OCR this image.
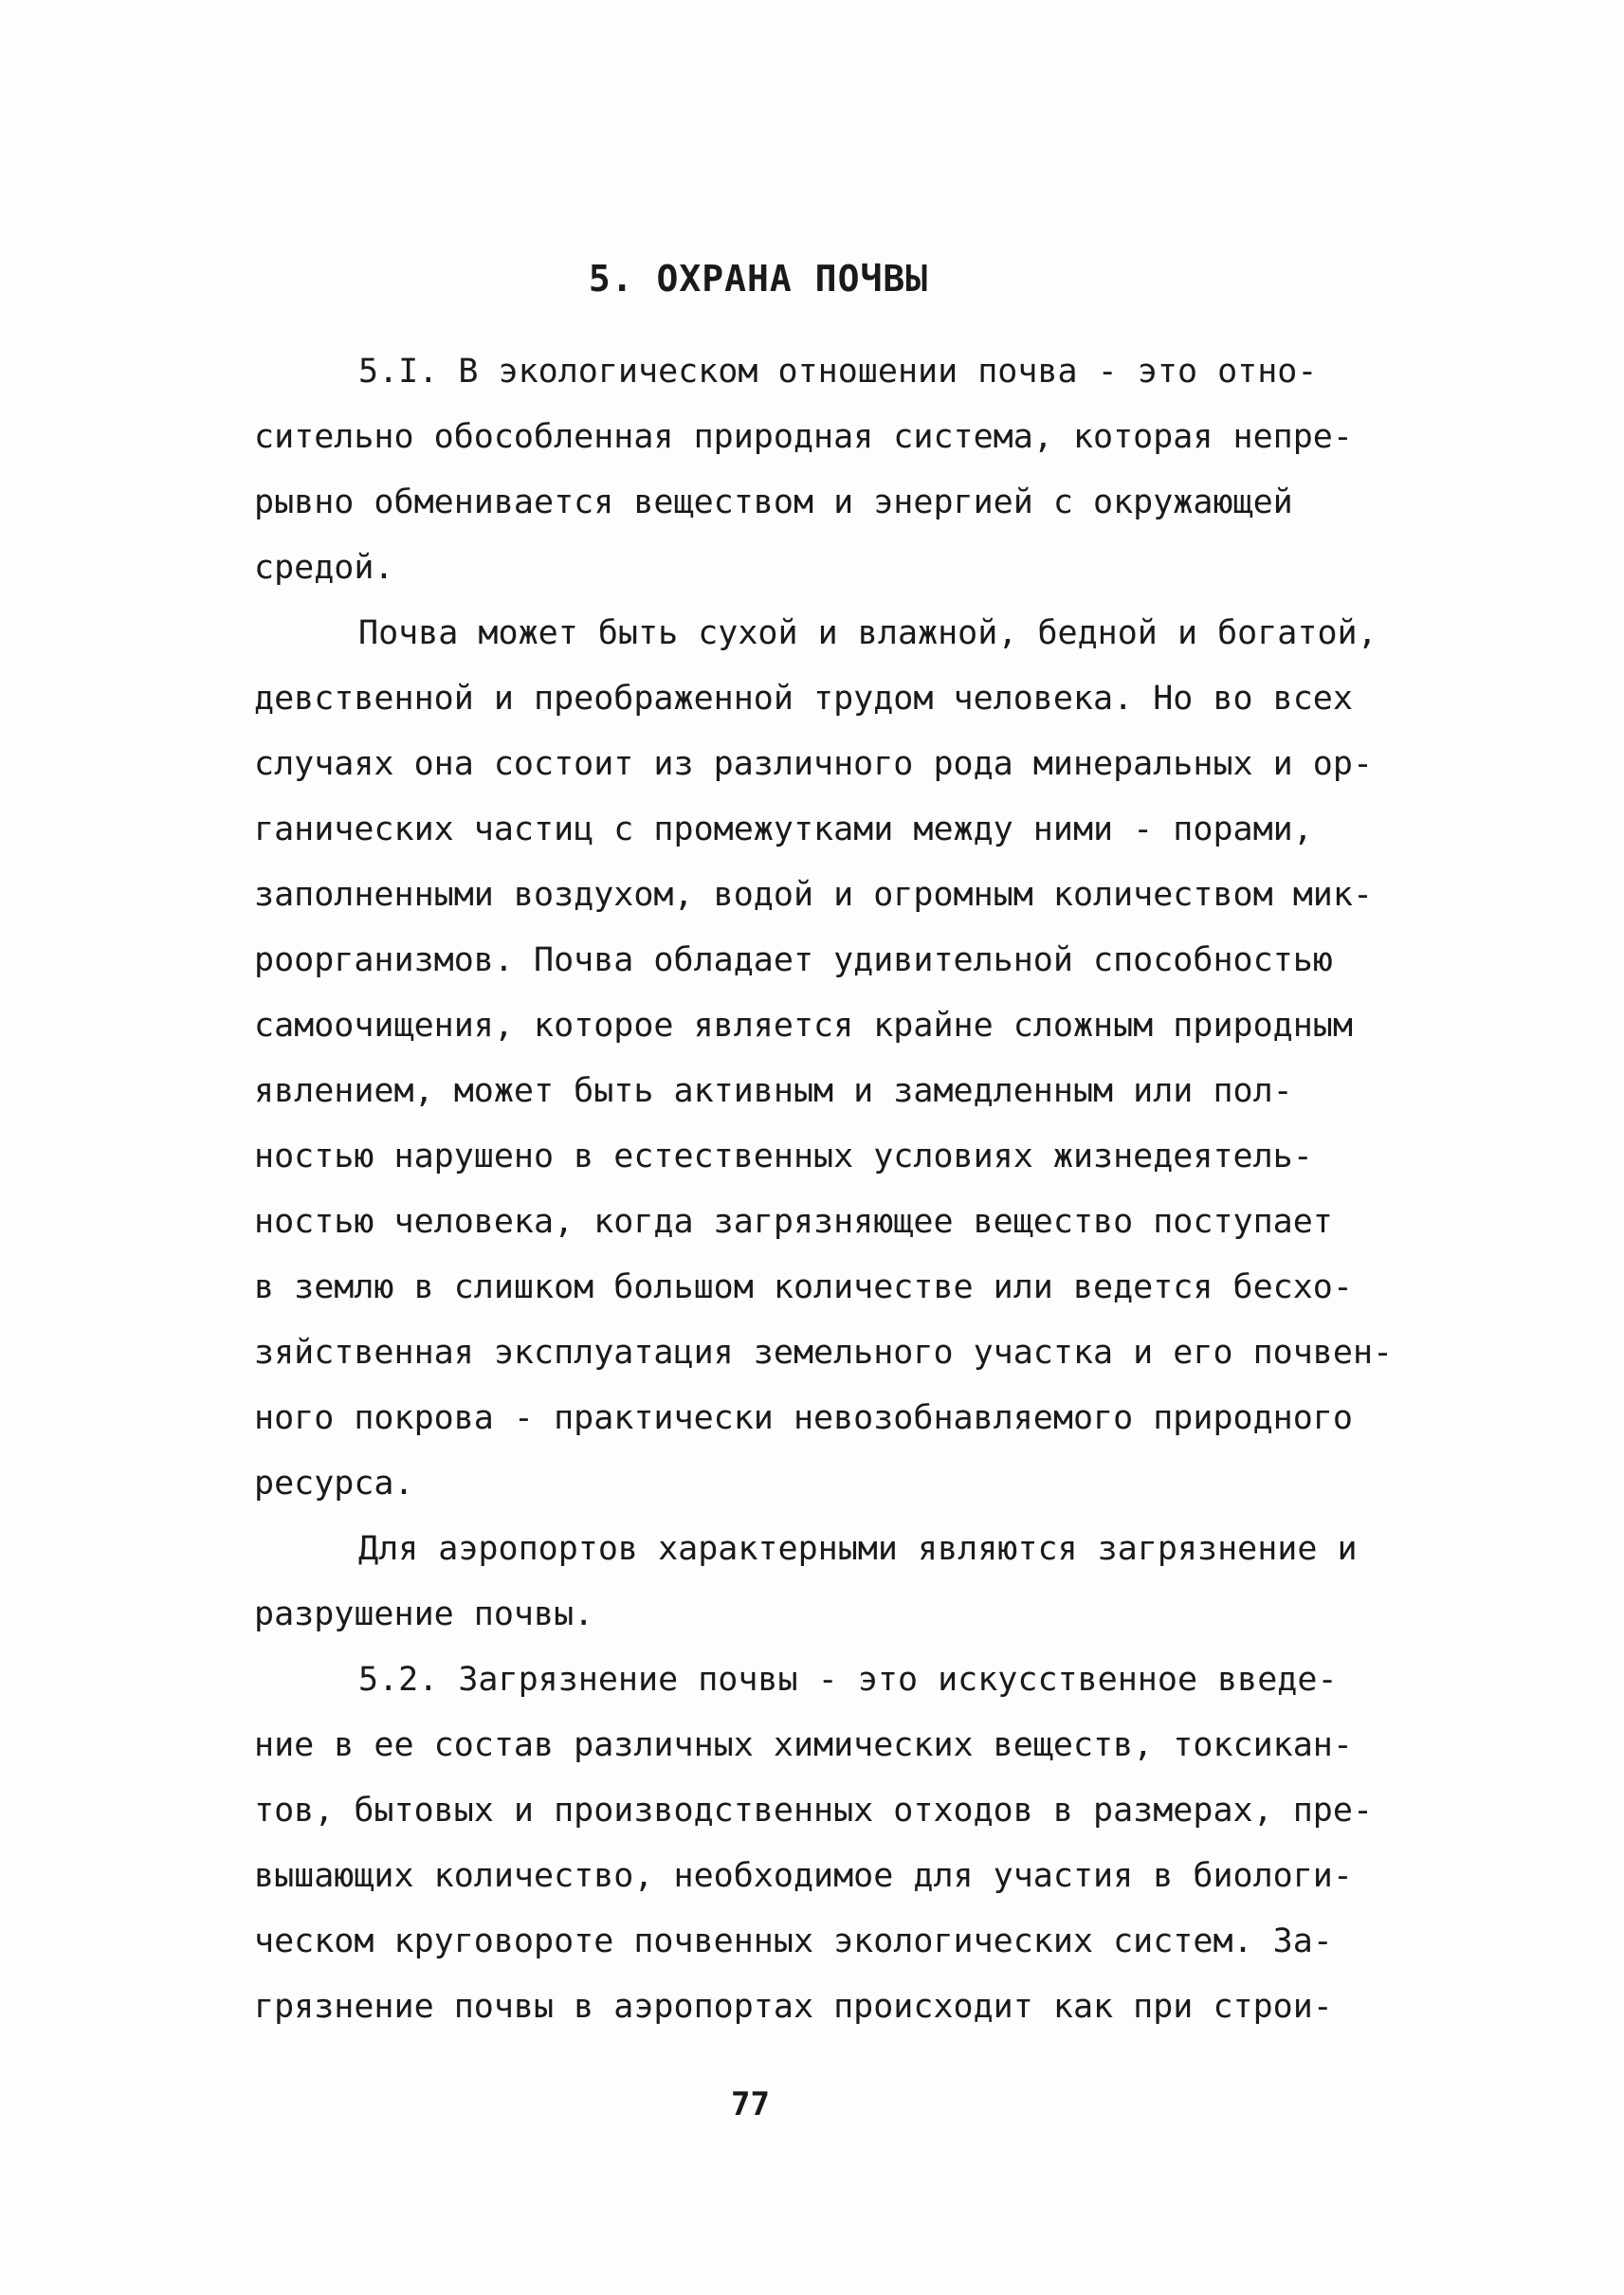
5. ОХРАНА ПОЧВЫ
5.I. В экологическом отношении почва - это отно-
сительно обособленная природная система, которая непре-
рывно обменивается веществом и энергией с окружающей
средой.
Почва может быть сухой и влажной, бедной и богатой,
девственной и преображенной трудом человека. Но во всех
случаях она состоит из различного рода минеральных и ор-
ганических частиц с промежутками между ними - порами,
заполненными воздухом, водой и огромным количеством мик-
роорганизмов. Почва обладает удивительной способностью
самоочищения, которое является крайне сложным природным
явлением, может быть активным и замедленным или пол-
ностью нарушено в естественных условиях жизнедеятель-
ностью человека, когда загрязняющее вещество поступает
в землю в слишком большом количестве или ведется бесхо-
зяйственная эксплуатация земельного участка и его почвен-
ного покрова - практически невозобнавляемого природного
ресурса.
Для аэропортов характерными являются загрязнение и
разрушение почвы.
5.2. Загрязнение почвы - это искусственное введе-
ние в ее состав различных химических веществ, токсикан-
тов, бытовых и производственных отходов в размерах, пре-
вышающих количество, необходимое для участия в биологи-
ческом круговороте почвенных экологических систем. За-
грязнение почвы в аэропортах происходит как при строи-
77
